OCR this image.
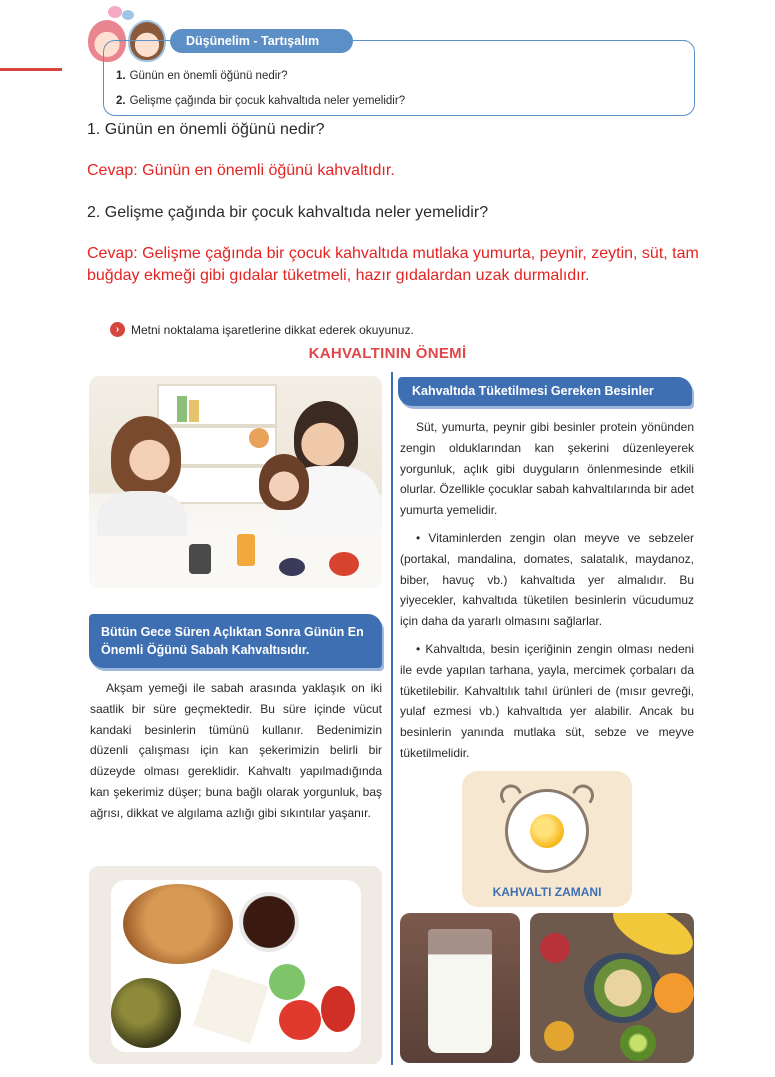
Düşünelim - Tartışalım
1. Günün en önemli öğünü nedir?
2. Gelişme çağında bir çocuk kahvaltıda neler yemelidir?
1. Günün en önemli öğünü nedir?
Cevap: Günün en önemli öğünü kahvaltıdır.
2. Gelişme çağında bir çocuk kahvaltıda neler yemelidir?
Cevap: Gelişme çağında bir çocuk kahvaltıda mutlaka yumurta, peynir, zeytin, süt, tam buğday ekmeği gibi gıdalar tüketmeli, hazır gıdalardan uzak durmalıdır.
› Metni noktalama işaretlerine dikkat ederek okuyunuz.
KAHVALTININ ÖNEMİ
Bütün Gece Süren Açlıktan Sonra Günün En Önemli Öğünü Sabah Kahvaltısıdır.

Akşam yemeği ile sabah arasında yaklaşık on iki saatlik bir süre geçmektedir. Bu süre içinde vücut kandaki besinlerin tümünü kullanır. Bedenimizin düzenli çalışması için kan şekerimizin belirli bir düzeyde olması gereklidir. Kahvaltı yapılmadığında kan şekerimiz düşer; buna bağlı olarak yorgunluk, baş ağrısı, dikkat ve algılama azlığı gibi sıkıntılar yaşanır.

Kahvaltıda Tüketilmesi Gereken Besinler

Süt, yumurta, peynir gibi besinler protein yönünden zengin olduklarından kan şekerini düzenleyerek yorgunluk, açlık gibi duyguların önlenmesinde etkili olurlar. Özellikle çocuklar sabah kahvaltılarında bir adet yumurta yemelidir.

• Vitaminlerden zengin olan meyve ve sebzeler (portakal, mandalina, domates, salatalık, maydanoz, biber, havuç vb.) kahvaltıda yer almalıdır. Bu yiyecekler, kahvaltıda tüketilen besinlerin vücudumuz için daha da yararlı olmasını sağlarlar.

• Kahvaltıda, besin içeriğinin zengin olması nedeni ile evde yapılan tarhana, yayla, mercimek çorbaları da tüketilebilir. Kahvaltılık tahıl ürünleri de (mısır gevreği, yulaf ezmesi vb.) kahvaltıda yer alabilir. Ancak bu besinlerin yanında mutlaka süt, sebze ve meyve tüketilmelidir.

KAHVALTI ZAMANI
